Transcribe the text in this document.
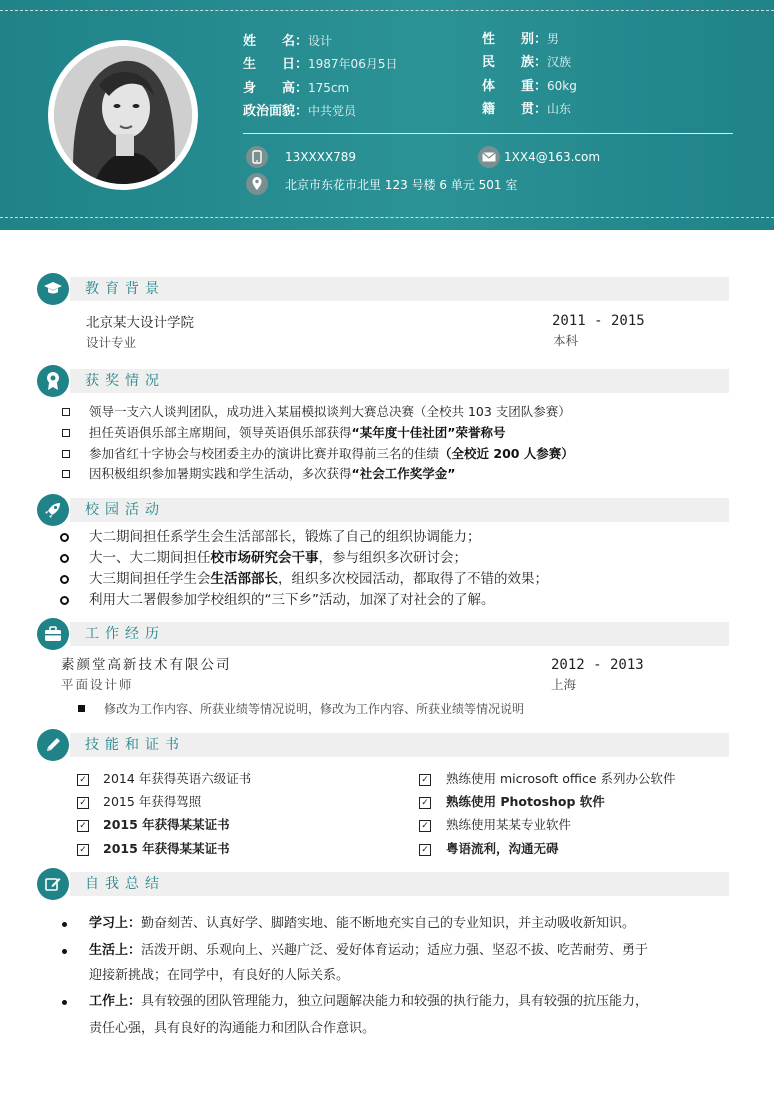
姓　　名：设计
生　　日：1987年06月5日
身　　高：175cm
政治面貌：中共党员
性　　别：男
民　　族：汉族
体　　重：60kg
籍　　贯：山东
13XXXX789	1XX4@163.com
北京市东花市北里 123 号楼 6 单元 501 室
教育背景
北京某大设计学院
设计专业
2011 - 2015
本科
获奖情况
领导一支六人谈判团队，成功进入某届模拟谈判大赛总决赛（全校共 103 支团队参赛）
担任英语俱乐部主席期间，领导英语俱乐部获得“某年度十佳社团”荣誉称号
参加省红十字协会与校团委主办的演讲比赛并取得前三名的佳绩（全校近 200 人参赛）
因积极组织参加暑期实践和学生活动，多次获得“社会工作奖学金”
校园活动
大二期间担任系学生会生活部部长，锻炼了自己的组织协调能力；
大一、大二期间担任校市场研究会干事，参与组织多次研讨会；
大三期间担任学生会生活部部长，组织多次校园活动，都取得了不错的效果；
利用大二署假参加学校组织的“三下乡”活动，加深了对社会的了解。
工作经历
素颜堂高新技术有限公司
平面设计师
2012 - 2013
上海
修改为工作内容、所获业绩等情况说明，修改为工作内容、所获业绩等情况说明
技能和证书
✓ 2014 年获得英语六级证书
✓ 2015 年获得驾照
✓ 2015 年获得某某证书
✓ 2015 年获得某某证书
✓ 熟练使用 microsoft office 系列办公软件
✓ 熟练使用 Photoshop 软件
✓ 熟练使用某某专业软件
✓ 粤语流利，沟通无碍
自我总结
学习上：勤奋刻苦、认真好学、脚踏实地、能不断地充实自己的专业知识，并主动吸收新知识。
生活上：活泼开朗、乐观向上、兴趣广泛、爱好体育运动；适应力强、坚忍不拔、吃苦耐劳、勇于
迎接新挑战；在同学中，有良好的人际关系。
工作上：具有较强的团队管理能力，独立问题解决能力和较强的执行能力，具有较强的抗压能力，
责任心强，具有良好的沟通能力和团队合作意识。
